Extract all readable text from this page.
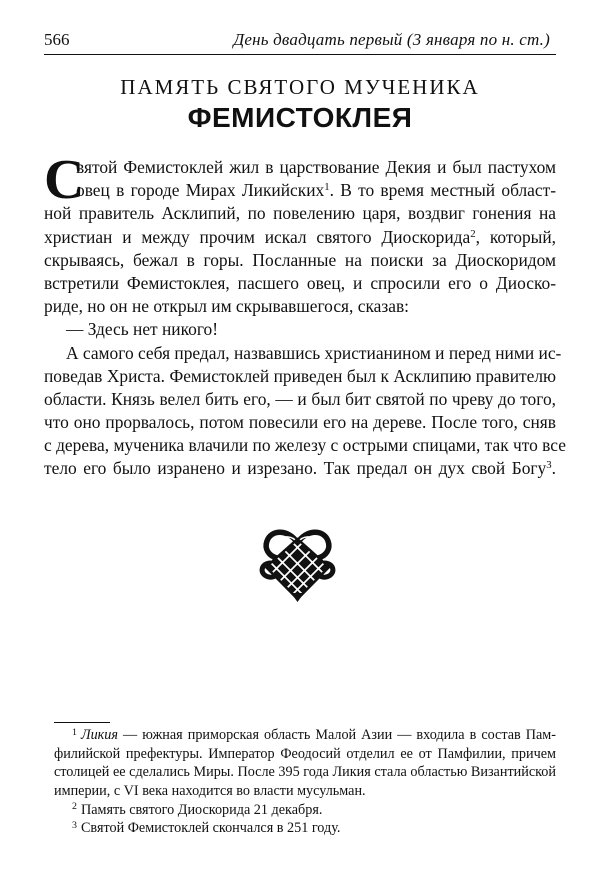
566	День двадцать первый (3 января по н. ст.)
ПАМЯТЬ СВЯТОГО МУЧЕНИКА
ФЕМИСТОКЛЕЯ
С
вятой Фемистоклей жил в царствование Декия и был пастухом
овец в городе Мирах Ликийских$^1$. В то время местный област-
ной правитель Асклипий, по повелению царя, воздвиг гонения на
христиан и между прочим искал святого Диоскорида$^2$, который,
скрываясь, бежал в горы. Посланные на поиски за Диоскоридом
встретили Фемистоклея, пасшего овец, и спросили его о Диоско-
риде, но он не открыл им скрывавшегося, сказав:
— Здесь нет никого!
А самого себя предал, назвавшись христианином и перед ними ис-
поведав Христа. Фемистоклей приведен был к Асклипию правителю
области. Князь велел бить его, — и был бит святой по чреву до того,
что оно прорвалось, потом повесили его на дереве. После того, сняв
с дерева, мученика влачили по железу с острыми спицами, так что все
тело его было изранено и изрезано. Так предал он дух свой Богу$^3$.
$^1$ Ликия — южная приморская область Малой Азии — входила в состав Пам-
филийской префектуры. Император Феодосий отделил ее от Памфилии, причем
столицей ее сделались Миры. После 395 года Ликия стала областью Византийской
империи, с VI века находится во власти мусульман.
$^2$ Память святого Диоскорида 21 декабря.
$^3$ Святой Фемистоклей скончался в 251 году.
